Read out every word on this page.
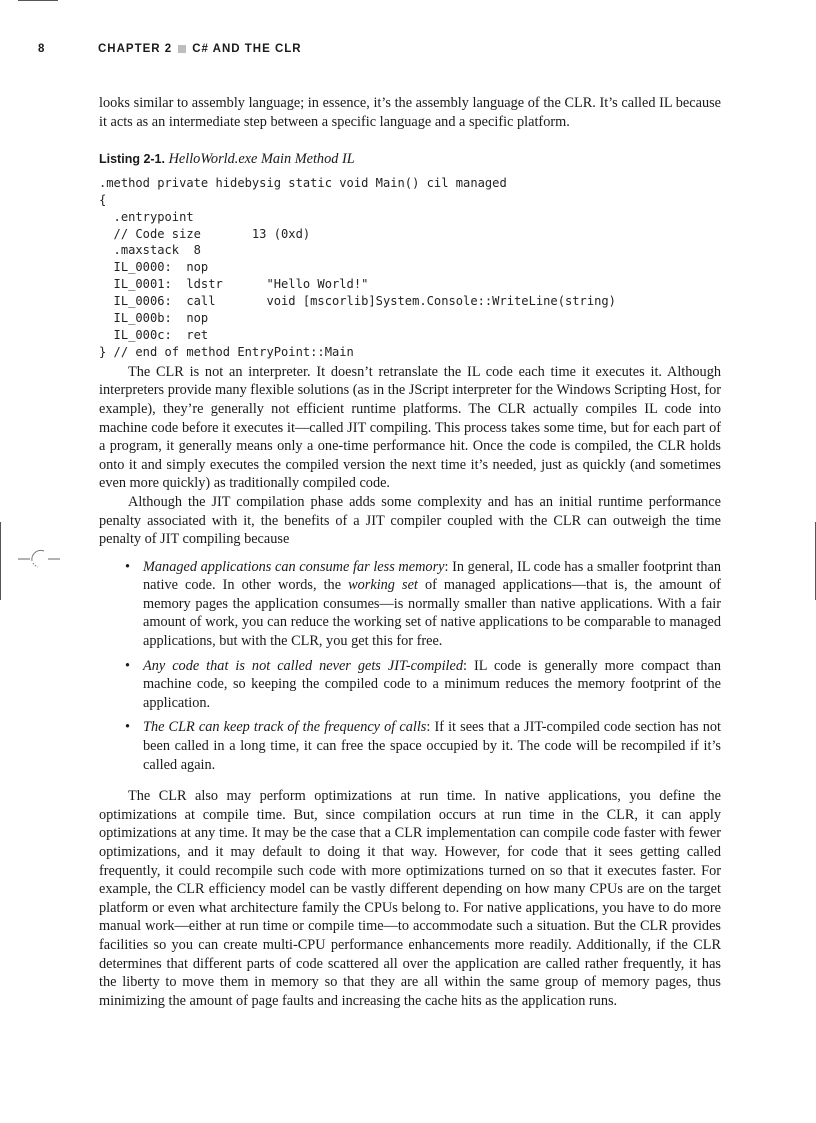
8	CHAPTER 2 C# AND THE CLR

looks similar to assembly language; in essence, it’s the assembly language of the CLR. It’s called IL because it acts as an intermediate step between a specific language and a specific platform.

Listing 2-1. HelloWorld.exe Main Method IL
.method private hidebysig static void Main() cil managed
{
.entrypoint
// Code size       13 (0xd)
.maxstack  8
IL_0000:  nop
IL_0001:  ldstr      "Hello World!"
IL_0006:  call       void [mscorlib]System.Console::WriteLine(string)
IL_000b:  nop
IL_000c:  ret
} // end of method EntryPoint::Main

The CLR is not an interpreter. It doesn’t retranslate the IL code each time it executes it. Although interpreters provide many flexible solutions (as in the JScript interpreter for the Windows Scripting Host, for example), they’re generally not efficient runtime platforms. The CLR actually compiles IL code into machine code before it executes it—called JIT compiling. This process takes some time, but for each part of a program, it generally means only a one-time performance hit. Once the code is compiled, the CLR holds onto it and simply executes the compiled version the next time it’s needed, just as quickly (and sometimes even more quickly) as traditionally compiled code.

Although the JIT compilation phase adds some complexity and has an initial runtime performance penalty associated with it, the benefits of a JIT compiler coupled with the CLR can outweigh the time penalty of JIT compiling because

• Managed applications can consume far less memory: In general, IL code has a smaller footprint than native code. In other words, the working set of managed applications—that is, the amount of memory pages the application consumes—is normally smaller than native applications. With a fair amount of work, you can reduce the working set of native applications to be comparable to managed applications, but with the CLR, you get this for free.
• Any code that is not called never gets JIT-compiled: IL code is generally more compact than machine code, so keeping the compiled code to a minimum reduces the memory footprint of the application.
• The CLR can keep track of the frequency of calls: If it sees that a JIT-compiled code section has not been called in a long time, it can free the space occupied by it. The code will be recompiled if it’s called again.

The CLR also may perform optimizations at run time. In native applications, you define the optimizations at compile time. But, since compilation occurs at run time in the CLR, it can apply optimizations at any time. It may be the case that a CLR implementation can compile code faster with fewer optimizations, and it may default to doing it that way. However, for code that it sees getting called frequently, it could recompile such code with more optimizations turned on so that it executes faster. For example, the CLR efficiency model can be vastly different depending on how many CPUs are on the target platform or even what architecture family the CPUs belong to. For native applications, you have to do more manual work—either at run time or compile time—to accommodate such a situation. But the CLR provides facilities so you can create multi-CPU performance enhancements more readily. Additionally, if the CLR determines that different parts of code scattered all over the application are called rather frequently, it has the liberty to move them in memory so that they are all within the same group of memory pages, thus minimizing the amount of page faults and increasing the cache hits as the application runs.
